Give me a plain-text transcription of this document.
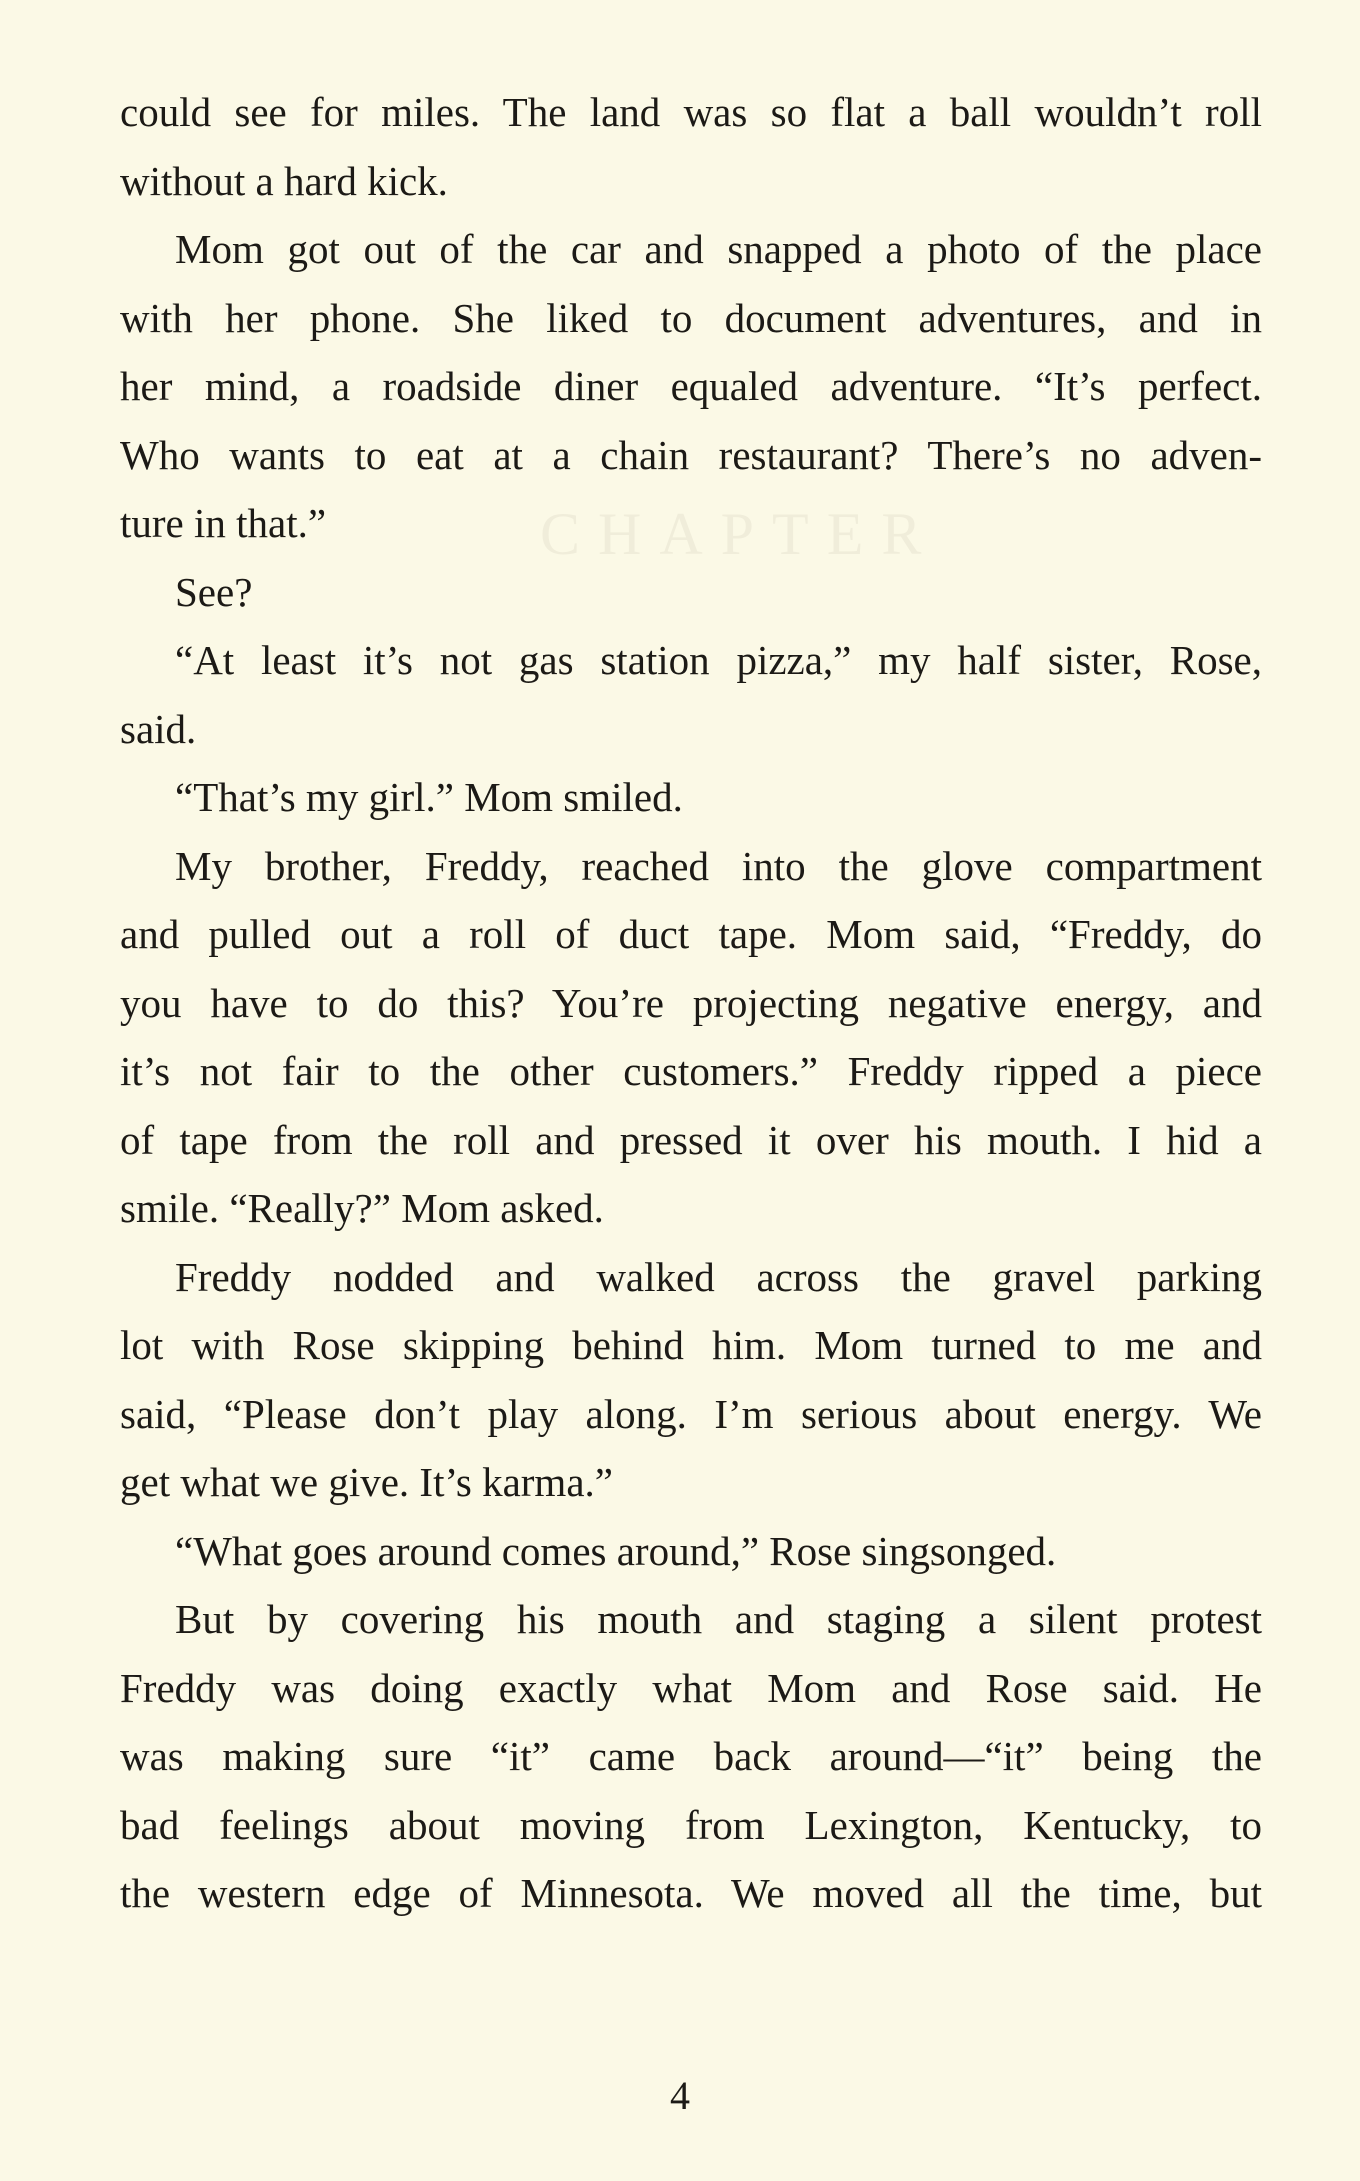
CHAPTER
could see for miles. The land was so flat a ball wouldn’t roll
without a hard kick.
Mom got out of the car and snapped a photo of the place
with her phone. She liked to document adventures, and in
her mind, a roadside diner equaled adventure. “It’s perfect.
Who wants to eat at a chain restaurant? There’s no adven-
ture in that.”
See?
“At least it’s not gas station pizza,” my half sister, Rose,
said.
“That’s my girl.” Mom smiled.
My brother, Freddy, reached into the glove compartment
and pulled out a roll of duct tape. Mom said, “Freddy, do
you have to do this? You’re projecting negative energy, and
it’s not fair to the other customers.” Freddy ripped a piece
of tape from the roll and pressed it over his mouth. I hid a
smile. “Really?” Mom asked.
Freddy nodded and walked across the gravel parking
lot with Rose skipping behind him. Mom turned to me and
said, “Please don’t play along. I’m serious about energy. We
get what we give. It’s karma.”
“What goes around comes around,” Rose singsonged.
But by covering his mouth and staging a silent protest
Freddy was doing exactly what Mom and Rose said. He
was making sure “it” came back around—“it” being the
bad feelings about moving from Lexington, Kentucky, to
the western edge of Minnesota. We moved all the time, but
4
